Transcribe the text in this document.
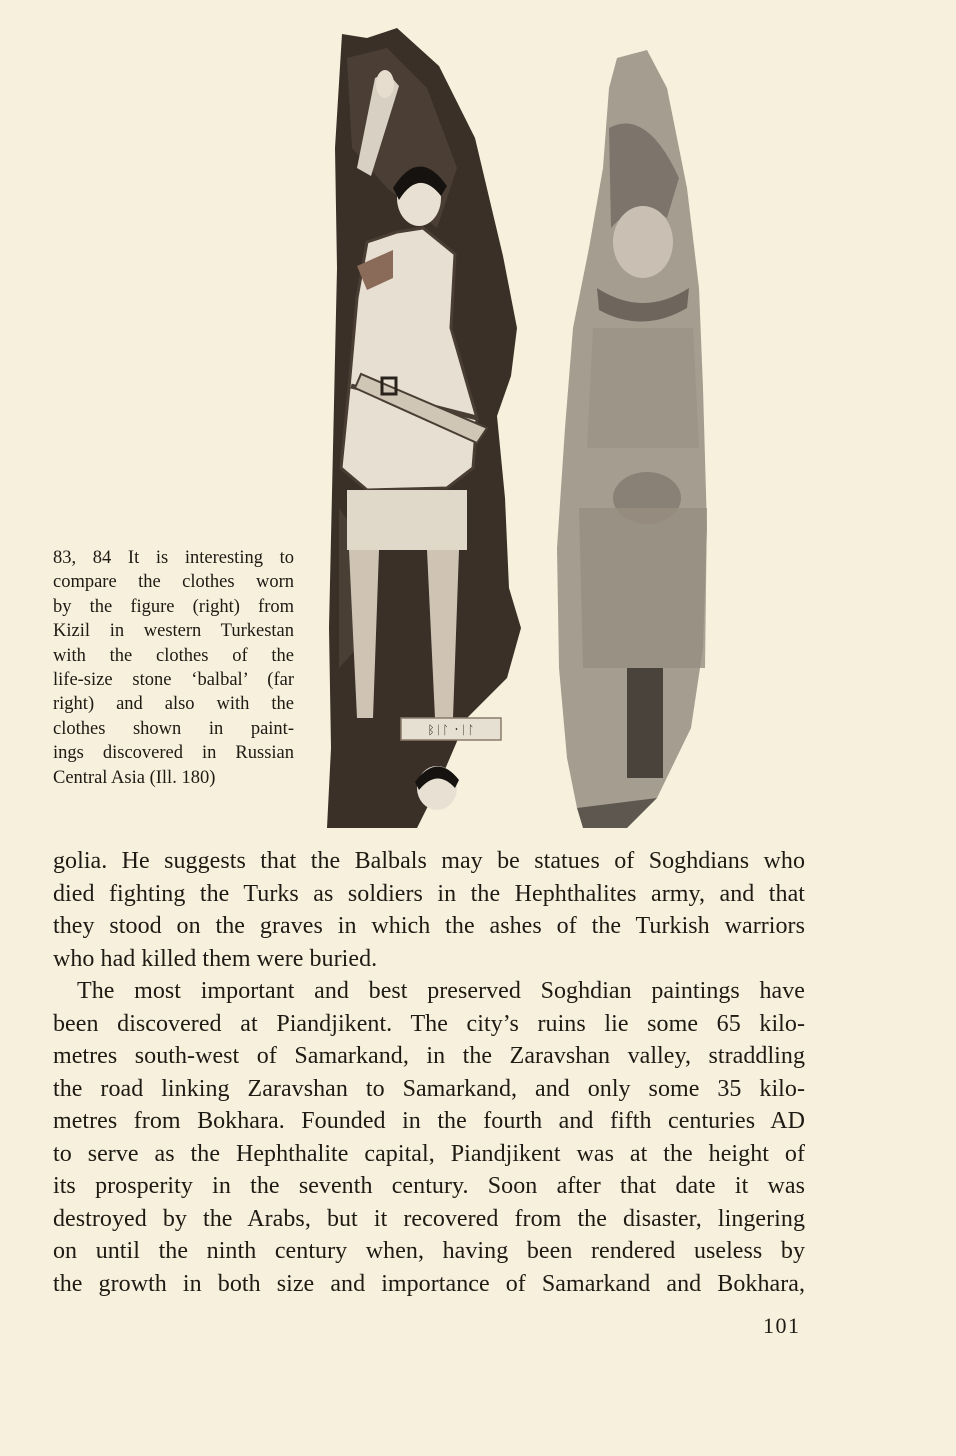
83, 84 It is interesting to
compare the clothes worn
by the figure (right) from
Kizil in western Turkestan
with the clothes of the
life-size stone ‘balbal’ (far
right) and also with the
clothes shown in paint-
ings discovered in Russian
Central Asia (Ill. 180)
ᛒᛁᛚ ᛫ᛁᛚ
golia. He suggests that the Balbals may be statues of Soghdians who
died fighting the Turks as soldiers in the Hephthalites army, and that
they stood on the graves in which the ashes of the Turkish warriors
who had killed them were buried.
The most important and best preserved Soghdian paintings have
been discovered at Piandjikent. The city’s ruins lie some 65 kilo-
metres south-west of Samarkand, in the Zaravshan valley, straddling
the road linking Zaravshan to Samarkand, and only some 35 kilo-
metres from Bokhara. Founded in the fourth and fifth centuries AD
to serve as the Hephthalite capital, Piandjikent was at the height of
its prosperity in the seventh century. Soon after that date it was
destroyed by the Arabs, but it recovered from the disaster, lingering
on until the ninth century when, having been rendered useless by
the growth in both size and importance of Samarkand and Bokhara,
101
